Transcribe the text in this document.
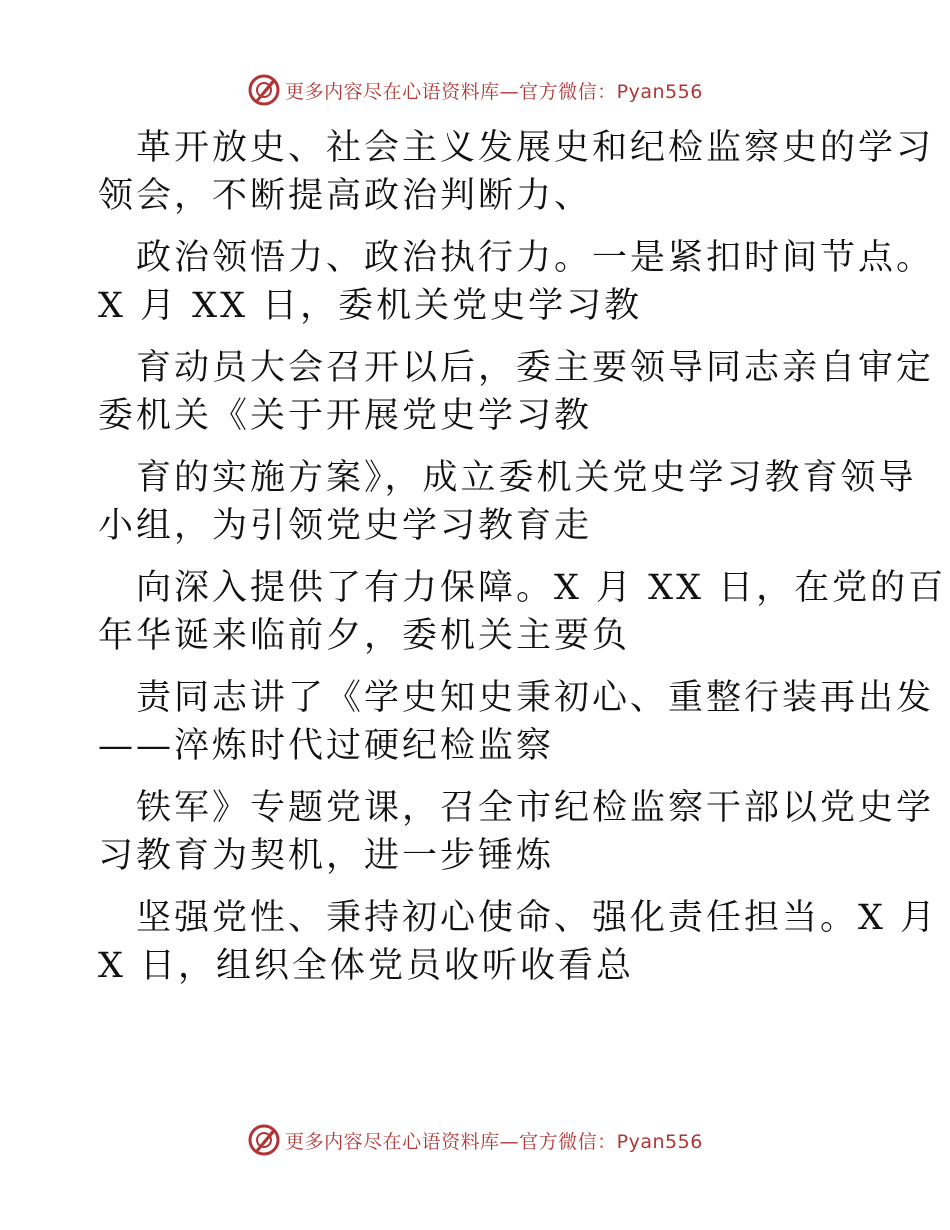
更多内容尽在心语资料库—官方微信：Pyan556
革开放史、社会主义发展史和纪检监察史的学习
领会，不断提高政治判断力、
政治领悟力、政治执行力。一是紧扣时间节点。
X 月 XX 日，委机关党史学习教
育动员大会召开以后，委主要领导同志亲自审定
委机关《关于开展党史学习教
育的实施方案》，成立委机关党史学习教育领导
小组，为引领党史学习教育走
向深入提供了有力保障。X 月 XX 日，在党的百
年华诞来临前夕，委机关主要负
责同志讲了《学史知史秉初心、重整行装再出发
——淬炼时代过硬纪检监察
铁军》专题党课，召全市纪检监察干部以党史学
习教育为契机，进一步锤炼
坚强党性、秉持初心使命、强化责任担当。X 月
X 日，组织全体党员收听收看总
更多内容尽在心语资料库—官方微信：Pyan556
